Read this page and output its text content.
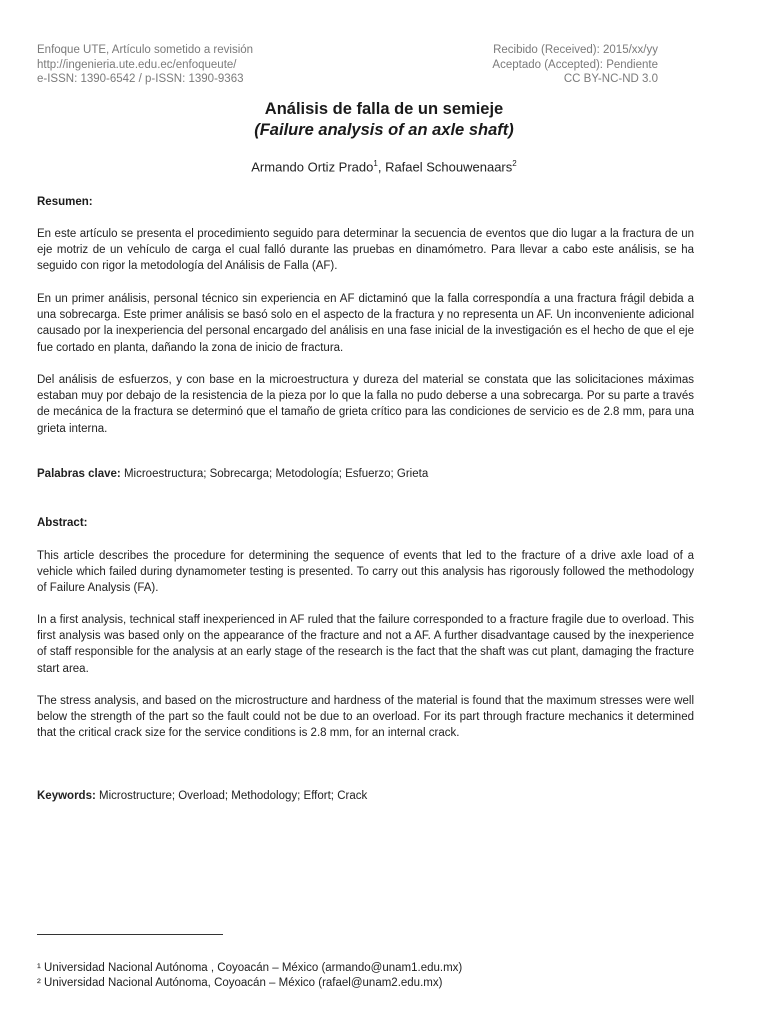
Enfoque UTE, Artículo sometido a revisión
http://ingenieria.ute.edu.ec/enfoqueute/
e-ISSN: 1390-6542 / p-ISSN: 1390-9363
Recibido (Received): 2015/xx/yy
Aceptado (Accepted): Pendiente
CC BY-NC-ND 3.0
Análisis de falla de un semieje
(Failure analysis of an axle shaft)
Armando Ortiz Prado$^1$, Rafael Schouwenaars$^2$
Resumen:
En este artículo se presenta el procedimiento seguido para determinar la secuencia de eventos que dio lugar a la fractura de un eje motriz de un vehículo de carga el cual falló durante las pruebas en dinamómetro. Para llevar a cabo este análisis, se ha seguido con rigor la metodología del Análisis de Falla (AF).
En un primer análisis, personal técnico sin experiencia en AF dictaminó que la falla correspondía a una fractura frágil debida a una sobrecarga. Este primer análisis se basó solo en el aspecto de la fractura y no representa un AF. Un inconveniente adicional causado por la inexperiencia del personal encargado del análisis en una fase inicial de la investigación es el hecho de que el eje fue cortado en planta, dañando la zona de inicio de fractura.
Del análisis de esfuerzos, y con base en la microestructura y dureza del material se constata que las solicitaciones máximas estaban muy por debajo de la resistencia de la pieza por lo que la falla no pudo deberse a una sobrecarga. Por su parte a través de mecánica de la fractura se determinó que el tamaño de grieta crítico para las condiciones de servicio es de 2.8 mm, para una grieta interna.
Palabras clave: Microestructura; Sobrecarga; Metodología; Esfuerzo; Grieta
Abstract:
This article describes the procedure for determining the sequence of events that led to the fracture of a drive axle load of a vehicle which failed during dynamometer testing is presented. To carry out this analysis has rigorously followed the methodology of Failure Analysis (FA).
In a first analysis, technical staff inexperienced in AF ruled that the failure corresponded to a fracture fragile due to overload. This first analysis was based only on the appearance of the fracture and not a AF. A further disadvantage caused by the inexperience of staff responsible for the analysis at an early stage of the research is the fact that the shaft was cut plant, damaging the fracture start area.
The stress analysis, and based on the microstructure and hardness of the material is found that the maximum stresses were well below the strength of the part so the fault could not be due to an overload. For its part through fracture mechanics it determined that the critical crack size for the service conditions is 2.8 mm, for an internal crack.
Keywords: Microstructure; Overload; Methodology; Effort; Crack
¹ Universidad Nacional Autónoma , Coyoacán – México (armando@unam1.edu.mx)
² Universidad Nacional Autónoma, Coyoacán – México (rafael@unam2.edu.mx)
